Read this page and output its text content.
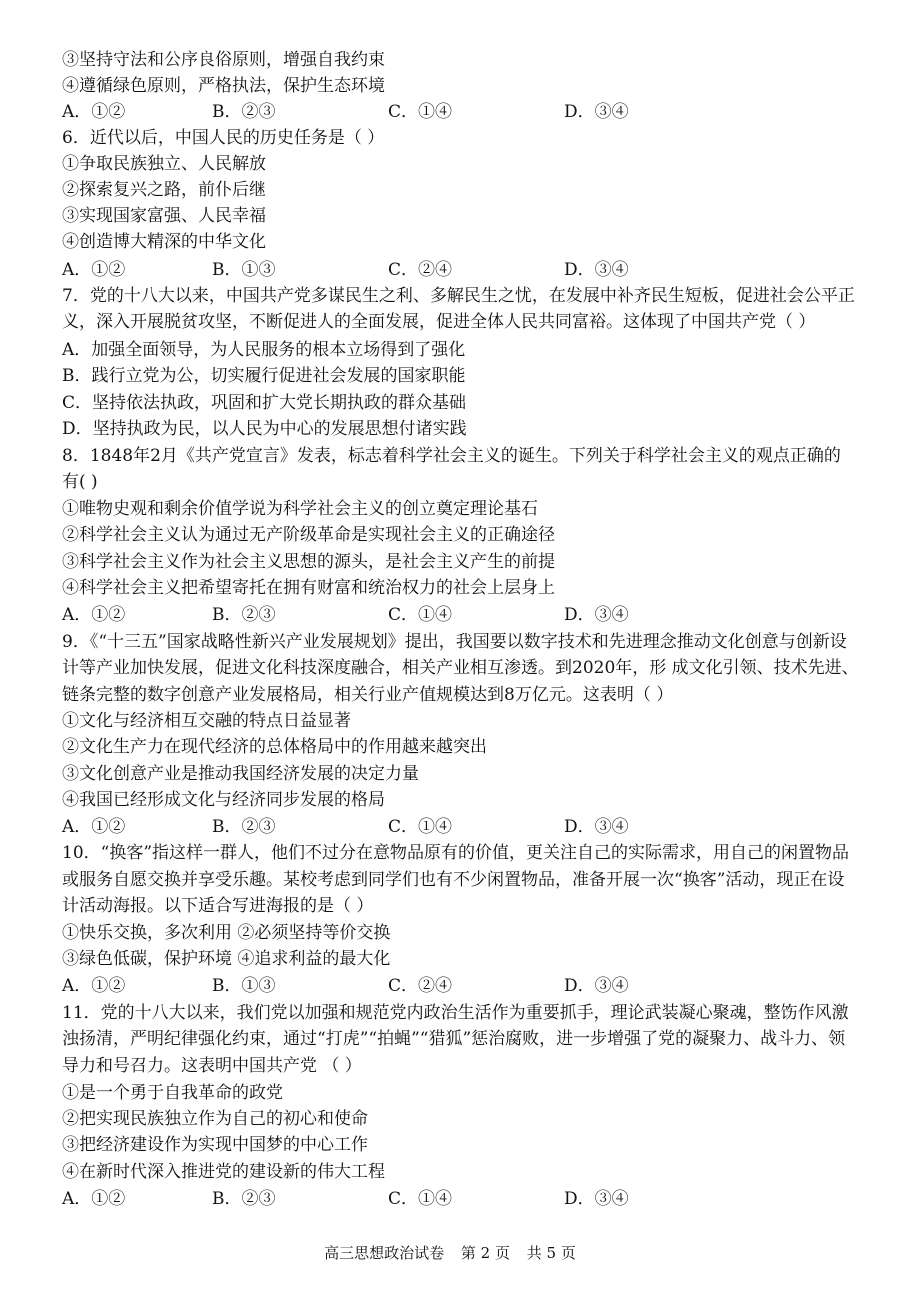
③坚持守法和公序良俗原则，增强自我约束
④遵循绿色原则，严格执法，保护生态环境
A．①②	B．②③	C．①④	D．③④
6．近代以后，中国人民的历史任务是（ ）
①争取民族独立、人民解放
②探索复兴之路，前仆后继
③实现国家富强、人民幸福
④创造博大精深的中华文化
A．①②	B．①③	C．②④	D．③④
7．党的十八大以来，中国共产党多谋民生之利、多解民生之忧，在发展中补齐民生短板，促进社会公平正
义，深入开展脱贫攻坚，不断促进人的全面发展，促进全体人民共同富裕。这体现了中国共产党（ ）
A．加强全面领导，为人民服务的根本立场得到了强化
B．践行立党为公，切实履行促进社会发展的国家职能
C．坚持依法执政，巩固和扩大党长期执政的群众基础
D．坚持执政为民，以人民为中心的发展思想付诸实践
8．1848年2月《共产党宣言》发表，标志着科学社会主义的诞生。下列关于科学社会主义的观点正确的
有( )
①唯物史观和剩余价值学说为科学社会主义的创立奠定理论基石
②科学社会主义认为通过无产阶级革命是实现社会主义的正确途径
③科学社会主义作为社会主义思想的源头，是社会主义产生的前提
④科学社会主义把希望寄托在拥有财富和统治权力的社会上层身上
A．①②	B．②③	C．①④	D．③④
9．《“十三五”国家战略性新兴产业发展规划》提出，我国要以数字技术和先进理念推动文化创意与创新设
计等产业加快发展，促进文化科技深度融合，相关产业相互渗透。到2020年，形 成文化引领、技术先进、
链条完整的数字创意产业发展格局，相关行业产值规模达到8万亿元。这表明（ ）
①文化与经济相互交融的特点日益显著
②文化生产力在现代经济的总体格局中的作用越来越突出
③文化创意产业是推动我国经济发展的决定力量
④我国已经形成文化与经济同步发展的格局
A．①②	B．②③	C．①④	D．③④
10．“换客”指这样一群人，他们不过分在意物品原有的价值，更关注自己的实际需求，用自己的闲置物品
或服务自愿交换并享受乐趣。某校考虑到同学们也有不少闲置物品，准备开展一次“换客”活动，现正在设
计活动海报。以下适合写进海报的是（ ）
①快乐交换，多次利用 ②必须坚持等价交换
③绿色低碳，保护环境 ④追求利益的最大化
A．①②	B．①③	C．②④	D．③④
11．党的十八大以来，我们党以加强和规范党内政治生活作为重要抓手，理论武装凝心聚魂，整饬作风激
浊扬清，严明纪律强化约束，通过“打虎”“拍蝇”“猎狐”惩治腐败，进一步增强了党的凝聚力、战斗力、领
导力和号召力。这表明中国共产党 （ ）
①是一个勇于自我革命的政党
②把实现民族独立作为自己的初心和使命
③把经济建设作为实现中国梦的中心工作
④在新时代深入推进党的建设新的伟大工程
A．①②	B．②③	C．①④	D．③④
高三思想政治试卷 第 2 页 共 5 页
